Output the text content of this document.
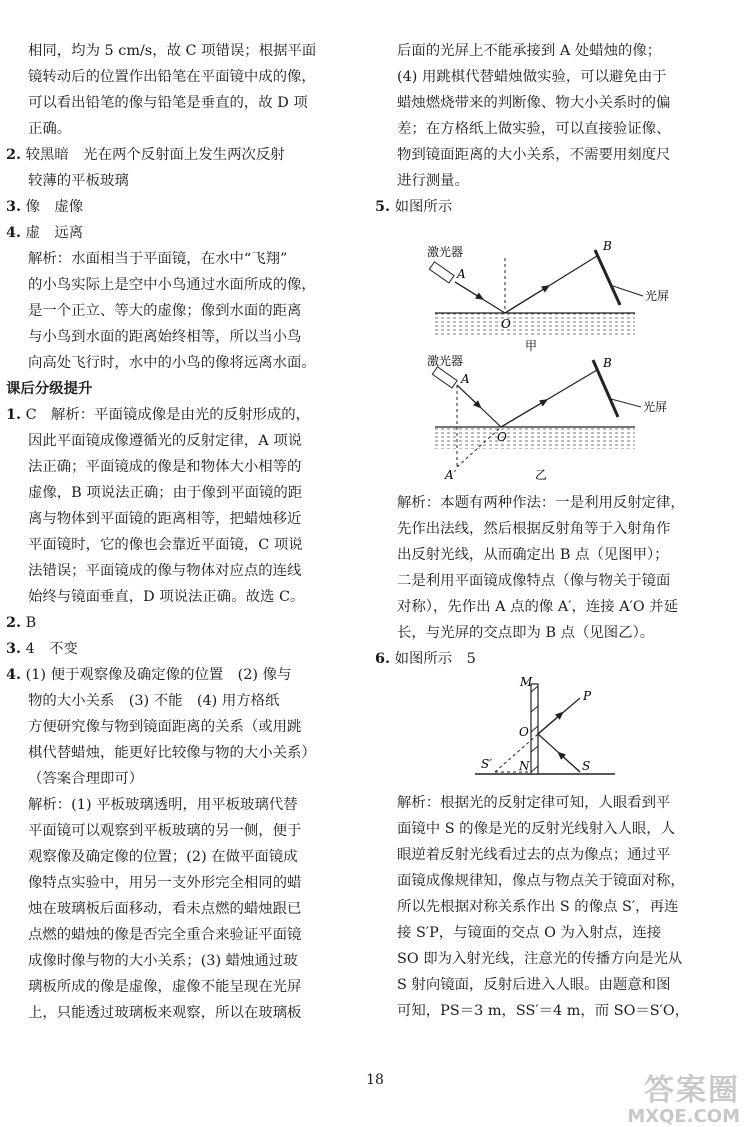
相同，均为 5 cm/s，故 C 项错误；根据平面

镜转动后的位置作出铅笔在平面镜中成的像，

可以看出铅笔的像与铅笔是垂直的，故 D 项

正确。

2. 较黑暗　光在两个反射面上发生两次反射

较薄的平板玻璃

3. 像　虚像

4. 虚　远离

解析：水面相当于平面镜，在水中“飞翔”

的小鸟实际上是空中小鸟通过水面所成的像，

是一个正立、等大的虚像；像到水面的距离

与小鸟到水面的距离始终相等，所以当小鸟

向高处飞行时，水中的小鸟的像将远离水面。

课后分级提升

1. C　解析：平面镜成像是由光的反射形成的，

因此平面镜成像遵循光的反射定律，A 项说

法正确；平面镜成的像是和物体大小相等的

虚像，B 项说法正确；由于像到平面镜的距

离与物体到平面镜的距离相等，把蜡烛移近

平面镜时，它的像也会靠近平面镜，C 项说

法错误；平面镜成的像与物体对应点的连线

始终与镜面垂直，D 项说法正确。故选 C。

2. B

3. 4　不变

4. (1) 便于观察像及确定像的位置　(2) 像与

物的大小关系　(3) 不能　(4) 用方格纸

方便研究像与物到镜面距离的关系（或用跳

棋代替蜡烛，能更好比较像与物的大小关系）

（答案合理即可）

解析：(1) 平板玻璃透明，用平板玻璃代替

平面镜可以观察到平板玻璃的另一侧，便于

观察像及确定像的位置；(2) 在做平面镜成

像特点实验中，用另一支外形完全相同的蜡

烛在玻璃板后面移动，看未点燃的蜡烛跟已

点燃的蜡烛的像是否完全重合来验证平面镜

成像时像与物的大小关系；(3) 蜡烛通过玻

璃板所成的像是虚像，虚像不能呈现在光屏

上，只能透过玻璃板来观察，所以在玻璃板

后面的光屏上不能承接到 A 处蜡烛的像；

(4) 用跳棋代替蜡烛做实验，可以避免由于

蜡烛燃烧带来的判断像、物大小关系时的偏

差；在方格纸上做实验，可以直接验证像、

物到镜面距离的大小关系，不需要用刻度尺

进行测量。

5. 如图所示

激光器
A
B
O
光屏
甲
激光器
A
B
O
A′
光屏
乙

解析：本题有两种作法：一是利用反射定律，

先作出法线，然后根据反射角等于入射角作

出反射光线，从而确定出 B 点（见图甲）；

二是利用平面镜成像特点（像与物关于镜面

对称），先作出 A 点的像 A′，连接 A′O 并延

长，与光屏的交点即为 B 点（见图乙）。

6. 如图所示　5

M
P
O
S′ N	S

解析：根据光的反射定律可知，人眼看到平

面镜中 S 的像是光的反射光线射入人眼，人

眼逆着反射光线看过去的点为像点；通过平

面镜成像规律知，像点与物点关于镜面对称，

所以先根据对称关系作出 S 的像点 S′，再连

接 S′P，与镜面的交点 O 为入射点，连接

SO 即为入射光线，注意光的传播方向是光从

S 射向镜面，反射后进入人眼。由题意和图

可知，PS＝3 m，SS′＝4 m，而 SO＝S′O，

18	答案圈
MXQE.COM
